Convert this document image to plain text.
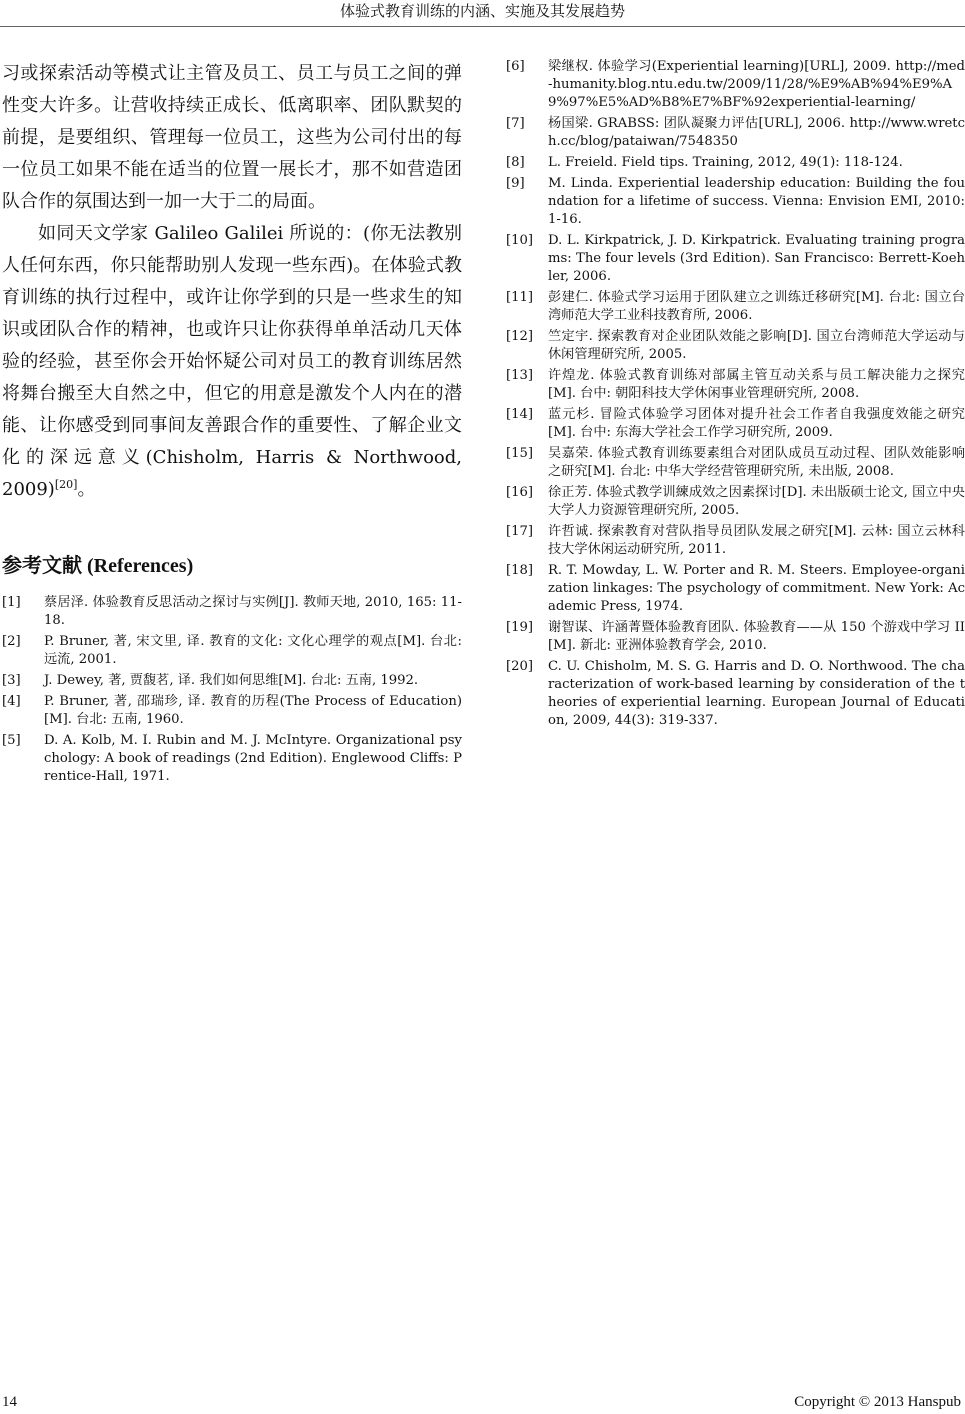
体验式教育训练的内涵、实施及其发展趋势

习或探索活动等模式让主管及员工、员工与员工之间的弹性变大许多。让营收持续正成长、低离职率、团队默契的前提，是要组织、管理每一位员工，这些为公司付出的每一位员工如果不能在适当的位置一展长才，那不如营造团队合作的氛围达到一加一大于二的局面。

如同天文学家 Galileo Galilei 所说的：(你无法教别人任何东西，你只能帮助别人发现一些东西)。在体验式教育训练的执行过程中，或许让你学到的只是一些求生的知识或团队合作的精神，也或许只让你获得单单活动几天体验的经验，甚至你会开始怀疑公司对员工的教育训练居然将舞台搬至大自然之中，但它的用意是激发个人内在的潜能、让你感受到同事间友善跟合作的重要性、了解企业文化的深远意义(Chisholm, Harris & Northwood, 2009)[20]。

参考文献 (References)
[1]	蔡居泽. 体验教育反思活动之探讨与实例[J]. 教师天地, 2010, 165: 11-18.
[2]	P. Bruner, 著, 宋文里, 译. 教育的文化: 文化心理学的观点[M]. 台北: 远流, 2001.
[3]	J. Dewey, 著, 贾馥茗, 译. 我们如何思维[M]. 台北: 五南, 1992.
[4]	P. Bruner, 著, 邵瑞珍, 译. 教育的历程(The Process of Education)[M]. 台北: 五南, 1960.
[5]	D. A. Kolb, M. I. Rubin and M. J. McIntyre. Organizational psychology: A book of readings (2nd Edition). Englewood Cliffs: Prentice-Hall, 1971.
[6]	梁继权. 体验学习(Experiential learning)[URL], 2009. http://med-humanity.blog.ntu.edu.tw/2009/11/28/%E9%AB%94%E9%A9%97%E5%AD%B8%E7%BF%92experiential-learning/
[7]	杨国梁. GRABSS: 团队凝聚力评估[URL], 2006. http://www.wretch.cc/blog/pataiwan/7548350
[8]	L. Freield. Field tips. Training, 2012, 49(1): 118-124.
[9]	M. Linda. Experiential leadership education: Building the foundation for a lifetime of success. Vienna: Envision EMI, 2010: 1-16.
[10]	D. L. Kirkpatrick, J. D. Kirkpatrick. Evaluating training programs: The four levels (3rd Edition). San Francisco: Berrett-Koehler, 2006.
[11]	彭建仁. 体验式学习运用于团队建立之训练迁移研究[M]. 台北: 国立台湾师范大学工业科技教育所, 2006.
[12]	竺定宇. 探索教育对企业团队效能之影响[D]. 国立台湾师范大学运动与休闲管理研究所, 2005.
[13]	许煌龙. 体验式教育训练对部属主管互动关系与员工解决能力之探究[M]. 台中: 朝阳科技大学休闲事业管理研究所, 2008.
[14]	蓝元杉. 冒险式体验学习团体对提升社会工作者自我强度效能之研究[M]. 台中: 东海大学社会工作学习研究所, 2009.
[15]	吴嘉荣. 体验式教育训练要素组合对团队成员互动过程、团队效能影响之研究[M]. 台北: 中华大学经营管理研究所, 未出版, 2008.
[16]	徐正芳. 体验式教学训練成效之因素探讨[D]. 未出版硕士论文, 国立中央大学人力资源管理研究所, 2005.
[17]	许哲诚. 探索教育对营队指导员团队发展之研究[M]. 云林: 国立云林科技大学休闲运动研究所, 2011.
[18]	R. T. Mowday, L. W. Porter and R. M. Steers. Employee-organization linkages: The psychology of commitment. New York: Academic Press, 1974.
[19]	谢智谋、许涵菁暨体验教育团队. 体验教育——从 150 个游戏中学习 II[M]. 新北: 亚洲体验教育学会, 2010.
[20]	C. U. Chisholm, M. S. G. Harris and D. O. Northwood. The characterization of work-based learning by consideration of the theories of experiential learning. European Journal of Education, 2009, 44(3): 319-337.
14	Copyright © 2013 Hanspub
